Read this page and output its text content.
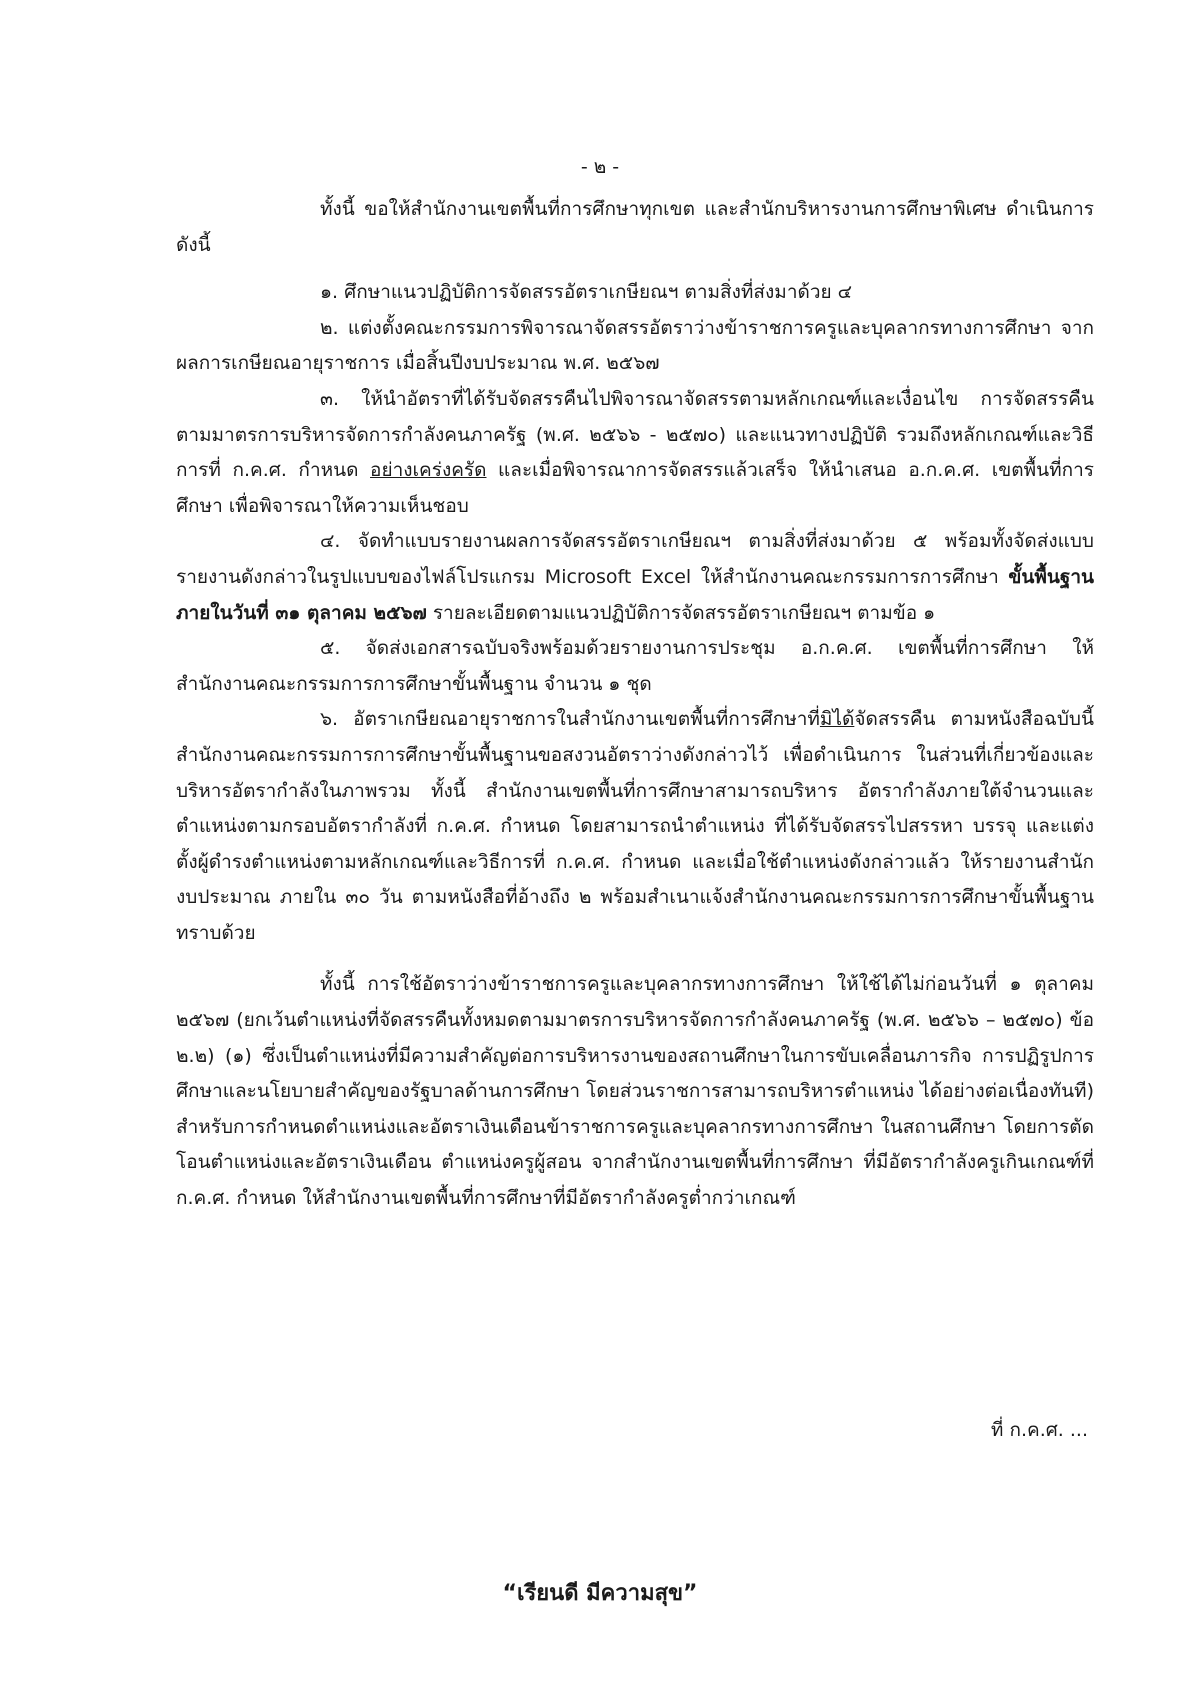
- ๒ -

ทั้งนี้ ขอให้สำนักงานเขตพื้นที่การศึกษาทุกเขต และสำนักบริหารงานการศึกษาพิเศษ ดำเนินการ ดังนี้

๑. ศึกษาแนวปฏิบัติการจัดสรรอัตราเกษียณฯ ตามสิ่งที่ส่งมาด้วย ๔

๒. แต่งตั้งคณะกรรมการพิจารณาจัดสรรอัตราว่างข้าราชการครูและบุคลากรทางการศึกษา จากผลการเกษียณอายุราชการ เมื่อสิ้นปีงบประมาณ พ.ศ. ๒๕๖๗

๓. ให้นำอัตราที่ได้รับจัดสรรคืนไปพิจารณาจัดสรรตามหลักเกณฑ์และเงื่อนไข การจัดสรรคืนตามมาตรการบริหารจัดการกำลังคนภาครัฐ (พ.ศ. ๒๕๖๖ - ๒๕๗๐) และแนวทางปฏิบัติ รวมถึงหลักเกณฑ์และวิธีการที่ ก.ค.ศ. กำหนด อย่างเคร่งครัด และเมื่อพิจารณาการจัดสรรแล้วเสร็จ ให้นำเสนอ อ.ก.ค.ศ. เขตพื้นที่การศึกษา เพื่อพิจารณาให้ความเห็นชอบ

๔. จัดทำแบบรายงานผลการจัดสรรอัตราเกษียณฯ ตามสิ่งที่ส่งมาด้วย ๕ พร้อมทั้งจัดส่งแบบ รายงานดังกล่าวในรูปแบบของไฟล์โปรแกรม Microsoft Excel ให้สำนักงานคณะกรรมการการศึกษา ขั้นพื้นฐาน ภายในวันที่ ๓๑ ตุลาคม ๒๕๖๗ รายละเอียดตามแนวปฏิบัติการจัดสรรอัตราเกษียณฯ ตามข้อ ๑

๕. จัดส่งเอกสารฉบับจริงพร้อมด้วยรายงานการประชุม อ.ก.ค.ศ. เขตพื้นที่การศึกษา ให้สำนักงานคณะกรรมการการศึกษาขั้นพื้นฐาน จำนวน ๑ ชุด

๖. อัตราเกษียณอายุราชการในสำนักงานเขตพื้นที่การศึกษาที่มิได้จัดสรรคืน ตามหนังสือฉบับนี้ สำนักงานคณะกรรมการการศึกษาขั้นพื้นฐานขอสงวนอัตราว่างดังกล่าวไว้ เพื่อดำเนินการ ในส่วนที่เกี่ยวข้องและบริหารอัตรากำลังในภาพรวม ทั้งนี้ สำนักงานเขตพื้นที่การศึกษาสามารถบริหาร อัตรากำลังภายใต้จำนวนและตำแหน่งตามกรอบอัตรากำลังที่ ก.ค.ศ. กำหนด โดยสามารถนำตำแหน่ง ที่ได้รับจัดสรรไปสรรหา บรรจุ และแต่งตั้งผู้ดำรงตำแหน่งตามหลักเกณฑ์และวิธีการที่ ก.ค.ศ. กำหนด และเมื่อใช้ตำแหน่งดังกล่าวแล้ว ให้รายงานสำนักงบประมาณ ภายใน ๓๐ วัน ตามหนังสือที่อ้างถึง ๒ พร้อมสำเนาแจ้งสำนักงานคณะกรรมการการศึกษาขั้นพื้นฐานทราบด้วย

ทั้งนี้ การใช้อัตราว่างข้าราชการครูและบุคลากรทางการศึกษา ให้ใช้ได้ไม่ก่อนวันที่ ๑ ตุลาคม ๒๕๖๗ (ยกเว้นตำแหน่งที่จัดสรรคืนทั้งหมดตามมาตรการบริหารจัดการกำลังคนภาครัฐ (พ.ศ. ๒๕๖๖ – ๒๕๗๐) ข้อ ๒.๒) (๑) ซึ่งเป็นตำแหน่งที่มีความสำคัญต่อการบริหารงานของสถานศึกษาในการขับเคลื่อนภารกิจ การปฏิรูปการศึกษาและนโยบายสำคัญของรัฐบาลด้านการศึกษา โดยส่วนราชการสามารถบริหารตำแหน่ง ได้อย่างต่อเนื่องทันที) สำหรับการกำหนดตำแหน่งและอัตราเงินเดือนข้าราชการครูและบุคลากรทางการศึกษา ในสถานศึกษา โดยการตัดโอนตำแหน่งและอัตราเงินเดือน ตำแหน่งครูผู้สอน จากสำนักงานเขตพื้นที่การศึกษา ที่มีอัตรากำลังครูเกินเกณฑ์ที่ ก.ค.ศ. กำหนด ให้สำนักงานเขตพื้นที่การศึกษาที่มีอัตรากำลังครูต่ำกว่าเกณฑ์

ที่ ก.ค.ศ. ...
“เรียนดี มีความสุข”
